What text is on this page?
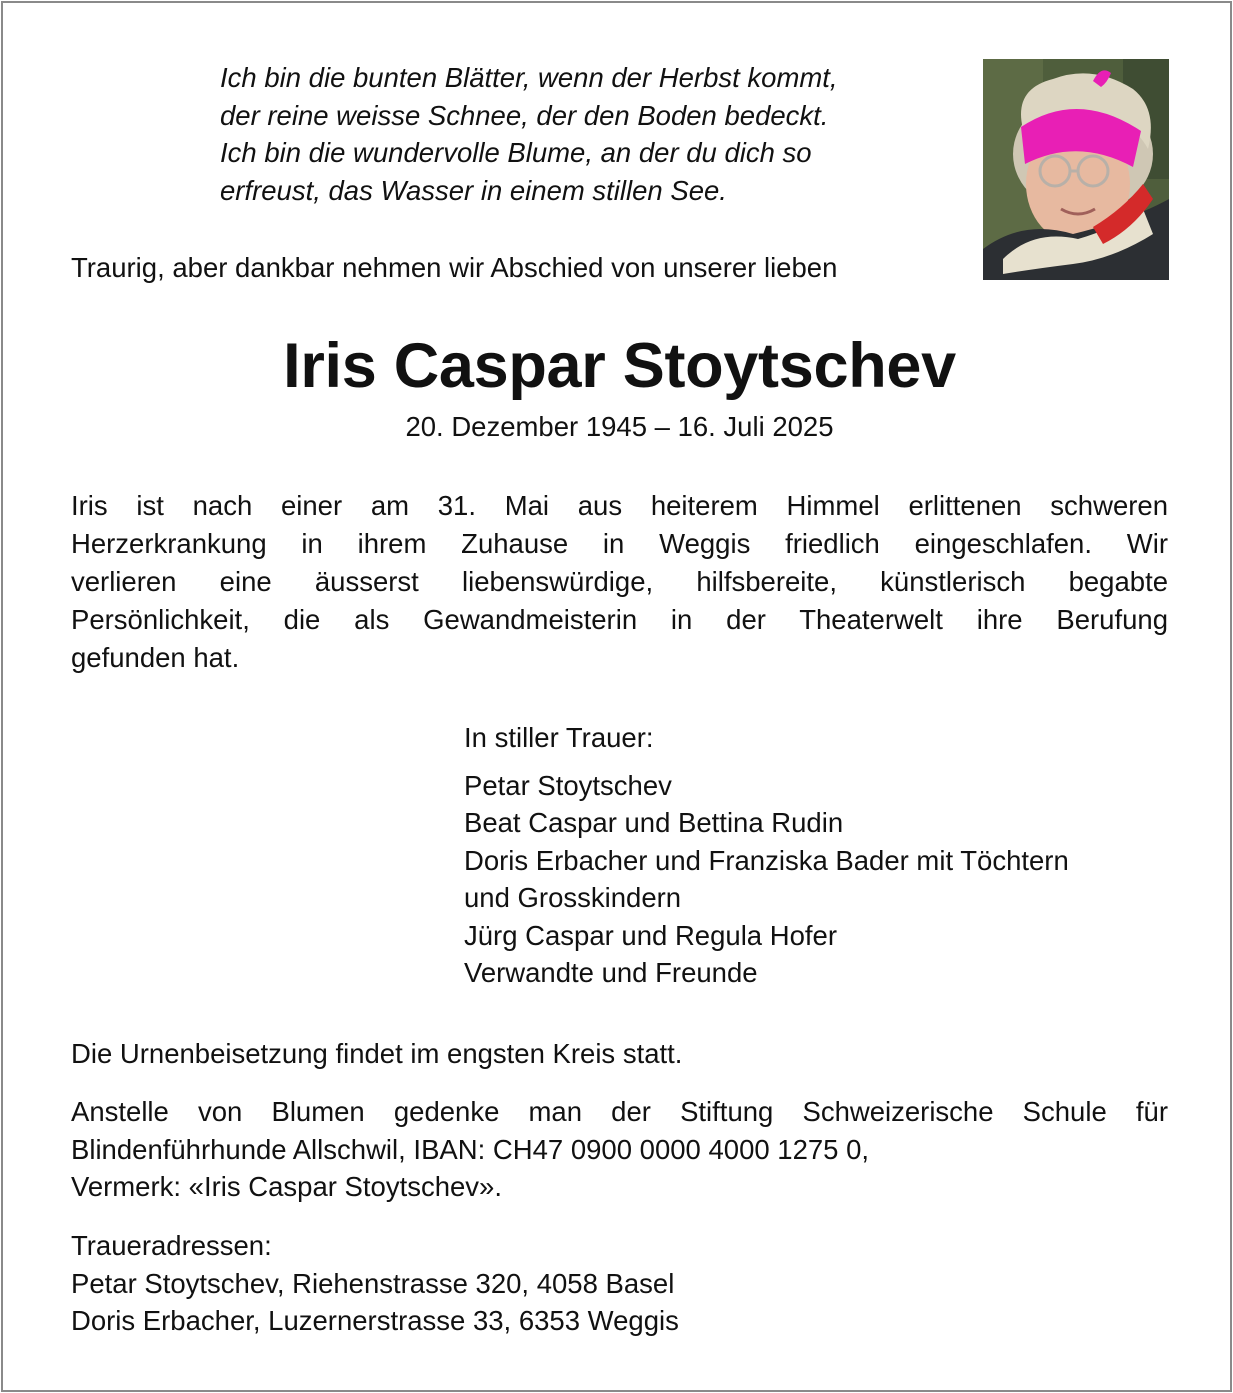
Ich bin die bunten Blätter, wenn der Herbst kommt,
der reine weisse Schnee, der den Boden bedeckt.
Ich bin die wundervolle Blume, an der du dich so
erfreust, das Wasser in einem stillen See.
Traurig, aber dankbar nehmen wir Abschied von unserer lieben
Iris Caspar Stoytschev
20. Dezember 1945 – 16. Juli 2025
Iris ist nach einer am 31. Mai aus heiterem Himmel erlittenen schweren
Herzerkrankung in ihrem Zuhause in Weggis friedlich eingeschlafen. Wir
verlieren eine äusserst liebenswürdige, hilfsbereite, künstlerisch begabte
Persönlichkeit, die als Gewandmeisterin in der Theaterwelt ihre Berufung
gefunden hat.
In stiller Trauer:
Petar Stoytschev
Beat Caspar und Bettina Rudin
Doris Erbacher und Franziska Bader mit Töchtern
und Grosskindern
Jürg Caspar und Regula Hofer
Verwandte und Freunde
Die Urnenbeisetzung findet im engsten Kreis statt.
Anstelle von Blumen gedenke man der Stiftung Schweizerische Schule für
Blindenführhunde Allschwil, IBAN: CH47 0900 0000 4000 1275 0,
Vermerk: «Iris Caspar Stoytschev».
Traueradressen:
Petar Stoytschev, Riehenstrasse 320, 4058 Basel
Doris Erbacher, Luzernerstrasse 33, 6353 Weggis
